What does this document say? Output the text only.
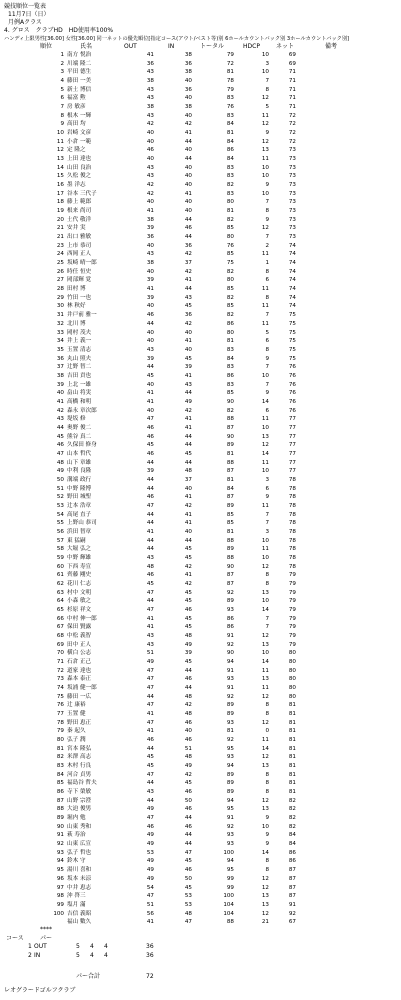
競技順位一覧表
11月7日（日）
月例Aクラス
4. グロス　クラブHD　HD使用率100%
ハンディ上限男性[36.00] 女性[36.00] 同一ネットの優先順位[指定コース(アウト/ベスト等)別 6ホールカウントバック別 3ホールカウントバック別]
順位	氏名	OUT	IN	トータル	HDCP	ネット	備考
1 南方 悦治	41	38	79	10	69
2 川端 隆二	36	36	72	3	69
3 平田 德生	43	38	81	10	71
4 藤田 一美	38	40	78	7	71
5 新土 博信	43	36	79	8	71
6 福富 勲	43	40	83	12	71
7 房 敏彦	38	38	76	5	71
8 根木 一輝	43	40	83	11	72
9 高田 均	42	42	84	12	72
10 岩崎 文彦	40	41	81	9	72
11 小倉 一範	40	44	84	12	72
12 定 隆之	46	40	86	13	73
13 上田 達也	40	44	84	11	73
14 山田 良治	43	40	83	10	73
15 久松 俊之	43	40	83	10	73
16 墨 洋志	42	40	82	9	73
17 谷本 三代子	42	41	83	10	73
18 藤上 範郎	40	40	80	7	73
19 根来 尚司	41	40	81	8	73
20 土代 敬洋	38	44	82	9	73
21 安井 実	39	46	85	12	73
21 出口 雅敏	36	44	80	7	73
23 上市 恭司	40	36	76	2	74
24 西岡 正人	43	42	85	11	74
25 坂崎 晴一郎	38	37	75	1	74
26 時任 恒史	40	42	82	8	74
27 岡部輝 覚	39	41	80	6	74
28 田村 博	41	44	85	11	74
29 竹田 一也	39	43	82	8	74
30 林 秋好	40	45	85	11	74
31 井戸前 雅一	46	36	82	7	75
32 北川 博	44	42	86	11	75
33 岡村 茂夫	40	40	80	5	75
34 井上 義一	40	41	81	6	75
35 玉置 清志	43	40	83	8	75
36 丸山 照夫	39	45	84	9	75
37 辻野 智二	44	39	83	7	76
38 吉田 貢也	45	41	86	10	76
39 上北 一雄	40	43	83	7	76
40 畠山 将実	41	44	85	9	76
41 高橋 和明	41	49	90	14	76
42 森永 章次郎	40	42	82	6	76
43 堤坂 修	47	41	88	11	77
44 奥野 俊二	46	41	87	10	77
45 熊谷 真二	46	44	90	13	77
46 久保田 修身	45	44	89	12	77
47 山本 哲代	46	45	81	14	77
48 山下 章雄	44	44	88	11	77
49 中利 良隆	39	48	87	10	77
50 溝端 政行	44	37	81	3	78
51 中野 隆博	44	40	84	6	78
52 野田 城聖	46	41	87	9	78
53 辻本 浩章	47	42	89	11	78
54 高尾 直子	44	41	85	7	78
55 上野山 恭司	44	41	85	7	78
56 浜田 智章	41	40	81	3	78
57 東 猛嗣	44	44	88	10	78
58 大堀 弘之	44	45	89	11	78
59 中野 輝雄	43	45	88	10	78
60 下西 寿宣	48	42	90	12	78
61 齊藤 剛史	46	41	87	8	79
62 花川 仁志	45	42	87	8	79
63 村中 文明	47	45	92	13	79
64 小森 敏之	44	45	89	10	79
65 杉原 祥文	47	46	93	14	79
66 中村 伸一郎	41	45	86	7	79
67 保田 賢露	41	45	86	7	79
68 中松 義智	43	48	91	12	79
69 田中 正人	43	49	92	13	79
70 横白 公志	51	39	90	10	80
71 石倉 正己	49	45	94	14	80
72 道家 達也	47	44	91	11	80
73 森本 泰正	47	46	93	13	80
74 坂浦 健一郎	47	44	91	11	80
75 藤田 一広	44	48	92	12	80
76 辻 康裕	47	42	89	8	81
77 玉置 健	41	48	89	8	81
78 野田 恵正	47	46	93	12	81
79 秦 起久	41	40	81	0	81
80 弘子 潤	46	46	92	11	81
81 宮本 隆弘	44	51	95	14	81
82 米澤 高志	45	48	93	12	81
83 木村 行良	45	49	94	13	81
84 河合 貞男	47	42	89	8	81
85 福島谷 哲夫	44	45	89	8	81
86 寺下 榮敏	43	46	89	8	81
87 山野 宗澄	44	50	94	12	82
88 大迫 俊男	49	46	95	13	82
89 堀内 勉	47	44	91	9	82
90 山東 秀和	46	46	92	10	82
91 萩 寿治	49	44	93	9	84
92 山東 広宣	49	44	93	9	84
93 弘子 哲也	53	47	100	14	86
94 鈴木 守	49	45	94	8	86
95 湯川 喜和	49	46	95	8	87
96 坂本 未涼	49	50	99	12	87
97 中井 恵志	54	45	99	12	87
98 沖 啓三	47	53	100	13	87
99 塩月 滿	51	53	104	13	91
100 吉信 義昭	56	48	104	12	92
福山 數久	41	47	88	21	67
****
コース	パー
1 OUT	5 4 4	36
2 IN	5 4 4	36
パー合計	72
レオグラードゴルフクラブ
